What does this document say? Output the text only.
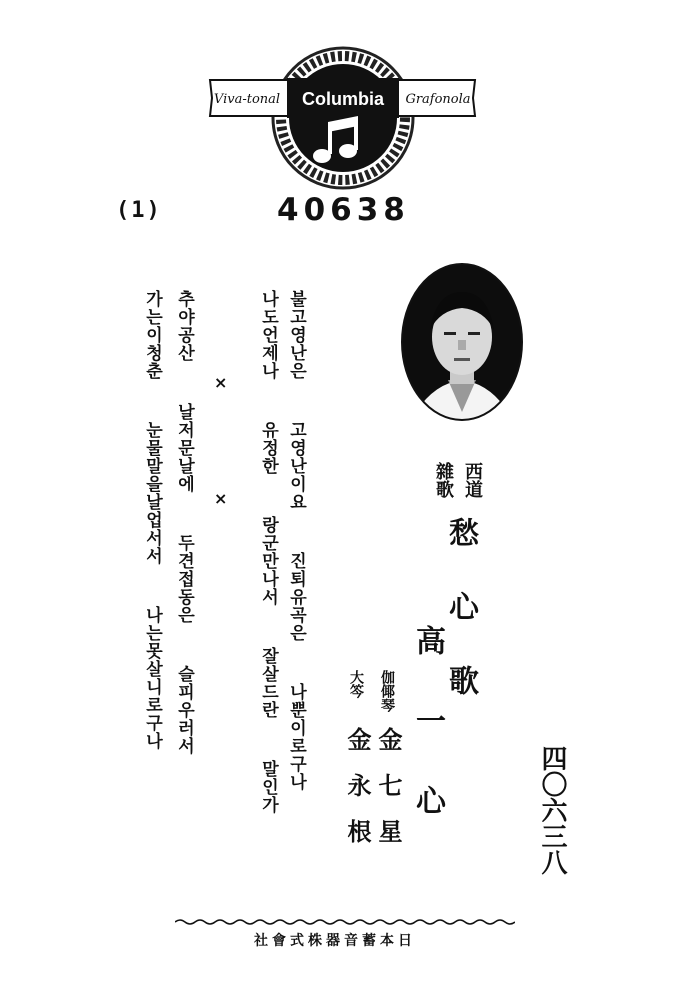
Viva-tonal Columbia Grafonola
(1)	40638
불고영난은 고영난이요 진퇴유곡은 나뿐이로구나
나도언제나 유정한 랑군만나서 잘살드란 말인가
×
×
추야공산 날저문날에 두견접동은 슬피우러서
가는이청춘 눈물말을날업서서 나는못살니로구나
西道
雜歌
愁心歌
高一心
伽倻琴
金七星
大笒
金永根	四〇六三八
社會式株器音蓄本日
